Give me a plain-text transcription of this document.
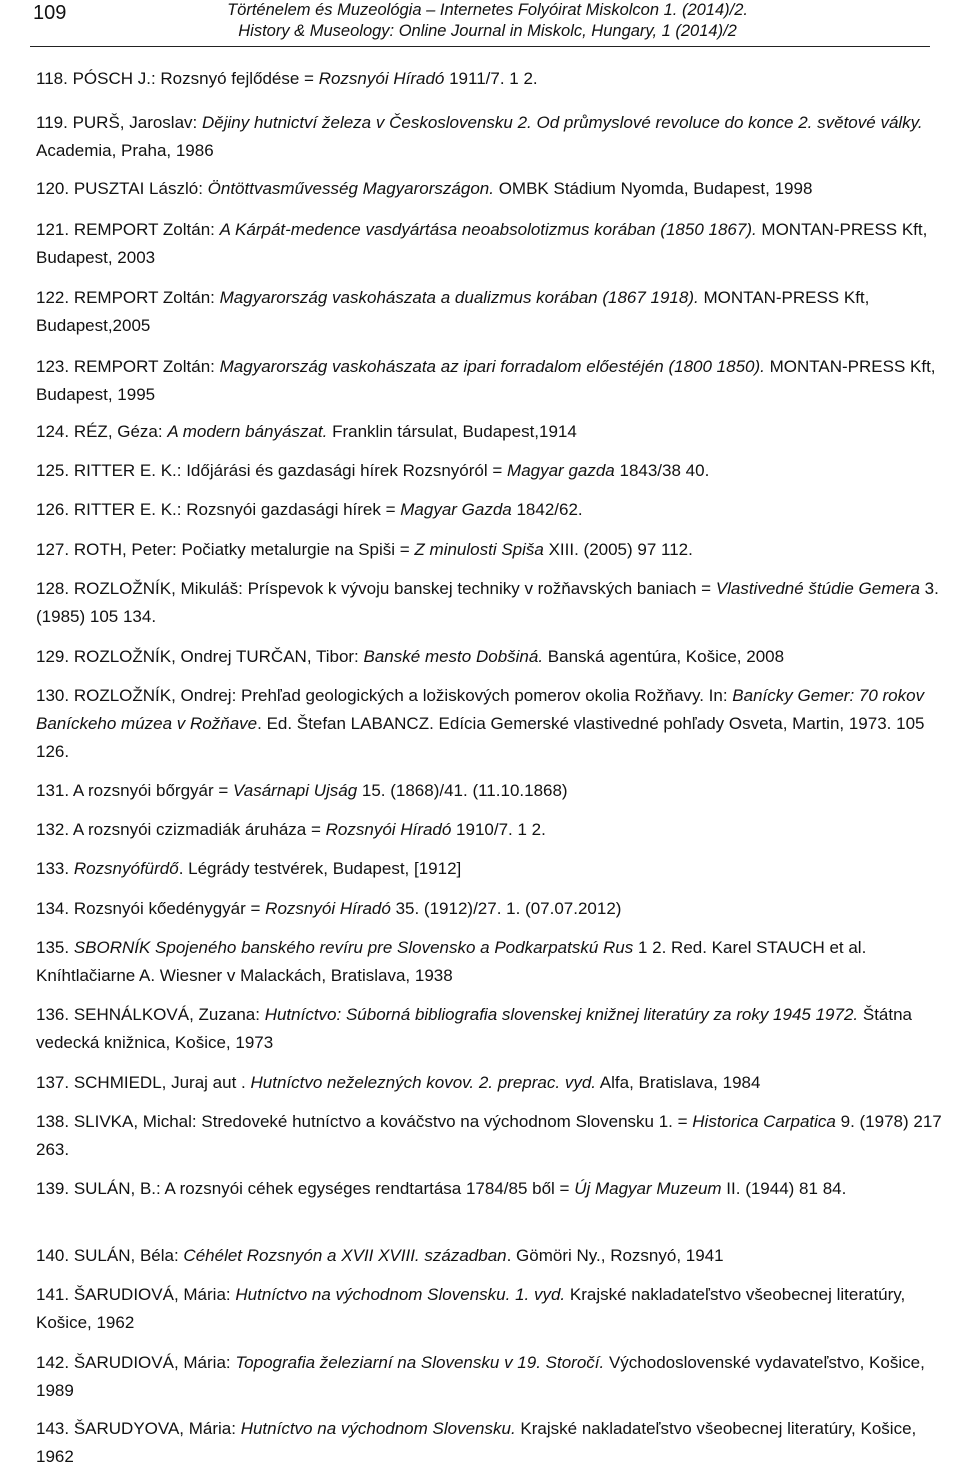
109	Történelem és Muzeológia – Internetes Folyóirat Miskolcon 1. (2014)/2.
History & Museology: Online Journal in Miskolc, Hungary, 1 (2014)/2
118. PÓSCH J.: Rozsnyó fejlődése = Rozsnyói Híradó 1911/7. 1 2.
119. PURŠ, Jaroslav: Dějiny hutnictví železa v Československu 2. Od průmyslové revoluce do konce 2. světové války. Academia, Praha, 1986
120. PUSZTAI László: Öntöttvasművesség Magyarországon. OMBK Stádium Nyomda, Budapest, 1998
121. REMPORT Zoltán: A Kárpát-medence vasdyártása neoabsolotizmus korában (1850 1867). MONTAN-PRESS Kft, Budapest, 2003
122. REMPORT Zoltán: Magyarország vaskohászata a dualizmus korában (1867 1918). MONTAN-PRESS Kft, Budapest,2005
123. REMPORT Zoltán: Magyarország vaskohászata az ipari forradalom előestéjén (1800 1850). MONTAN-PRESS Kft, Budapest, 1995
124. RÉZ, Géza: A modern bányászat. Franklin társulat, Budapest,1914
125. RITTER E. K.: Időjárási és gazdasági hírek Rozsnyóról = Magyar gazda 1843/38 40.
126. RITTER E. K.: Rozsnyói gazdasági hírek = Magyar Gazda 1842/62.
127. ROTH, Peter: Počiatky metalurgie na Spiši = Z minulosti Spiša XIII. (2005) 97 112.
128. ROZLOŽNÍK, Mikuláš: Príspevok k vývoju banskej techniky v rožňavských baniach = Vlastivedné štúdie Gemera 3. (1985) 105 134.
129. ROZLOŽNÍK, Ondrej TURČAN, Tibor: Banské mesto Dobšiná. Banská agentúra, Košice, 2008
130. ROZLOŽNÍK, Ondrej: Prehľad geologických a ložiskových pomerov okolia Rožňavy. In: Banícky Gemer: 70 rokov Baníckeho múzea v Rožňave. Ed. Štefan LABANCZ. Edícia Gemerské vlastivedné pohľady Osveta, Martin, 1973. 105 126.
131. A rozsnyói bőrgyár = Vasárnapi Ujság 15. (1868)/41. (11.10.1868)
132. A rozsnyói czizmadiák áruháza = Rozsnyói Híradó 1910/7. 1 2.
133. Rozsnyófürdő. Légrády testvérek, Budapest, [1912]
134. Rozsnyói kőedénygyár = Rozsnyói Híradó 35. (1912)/27. 1. (07.07.2012)
135. SBORNÍK Spojeného banského revíru pre Slovensko a Podkarpatskú Rus 1 2. Red. Karel STAUCH et al. Kníhtlačiarne A. Wiesner v Malackách, Bratislava, 1938
136. SEHNÁLKOVÁ, Zuzana: Hutníctvo: Súborná bibliografia slovenskej knižnej literatúry za roky 1945 1972. Štátna vedecká knižnica, Košice, 1973
137. SCHMIEDL, Juraj aut . Hutníctvo neželezných kovov. 2. preprac. vyd. Alfa, Bratislava, 1984
138. SLIVKA, Michal: Stredoveké hutníctvo a kováčstvo na východnom Slovensku 1. = Historica Carpatica 9. (1978) 217 263.
139. SULÁN, B.: A rozsnyói céhek egységes rendtartása 1784/85 ből = Új Magyar Muzeum II. (1944) 81 84.
140. SULÁN, Béla: Céhélet Rozsnyón a XVII XVIII. században. Gömöri Ny., Rozsnyó, 1941
141. ŠARUDIOVÁ, Mária: Hutníctvo na východnom Slovensku. 1. vyd. Krajské nakladateľstvo všeobecnej literatúry, Košice, 1962
142. ŠARUDIOVÁ, Mária: Topografia železiarní na Slovensku v 19. Storočí. Východoslovenské vydavateľstvo, Košice, 1989
143. ŠARUDYOVA, Mária: Hutníctvo na východnom Slovensku. Krajské nakladateľstvo všeobecnej literatúry, Košice, 1962
